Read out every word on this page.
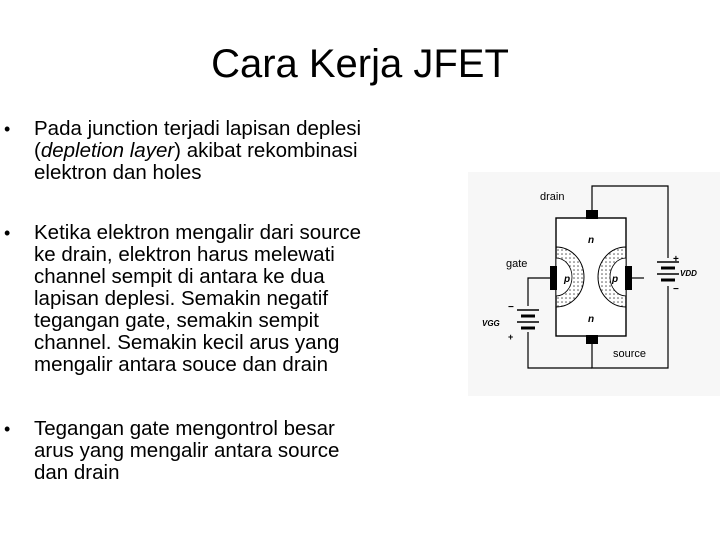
Cara Kerja JFET
• Pada junction terjadi lapisan deplesi
(depletion layer) akibat rekombinasi
elektron dan holes
• Ketika elektron mengalir dari source
ke drain, elektron harus melewati
channel sempit di antara ke dua
lapisan deplesi. Semakin negatif
tegangan gate, semakin sempit
channel. Semakin kecil arus yang
mengalir antara souce dan drain
• Tegangan gate mengontrol besar
arus yang mengalir antara source
dan drain
drain
gate
source
n
n
p	p
VDD
VGG
+
−
−
+
